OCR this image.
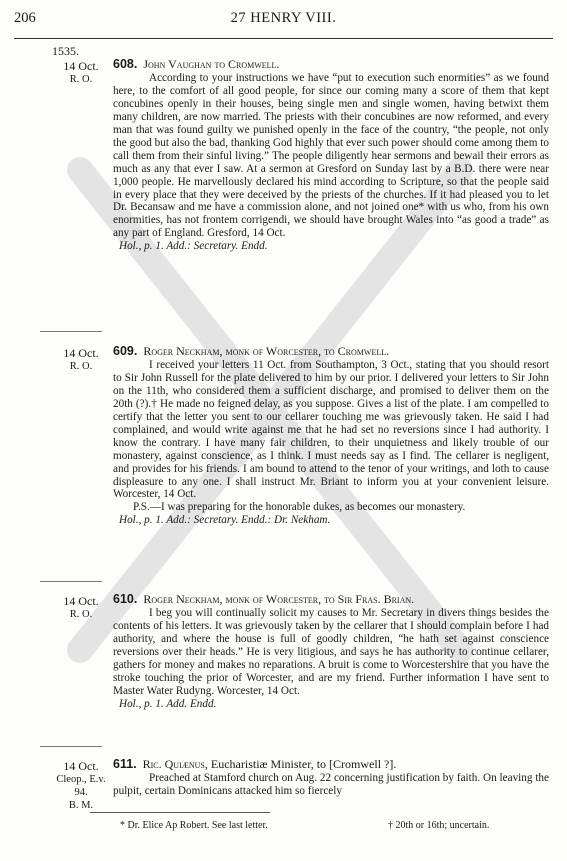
206	27 HENRY VIII.
1535.
14 Oct.
R. O.

608. John Vaughan to Cromwell.

According to your instructions we have “put to execution such enormities” as we found here, to the comfort of all good people, for since our coming many a score of them that kept concubines openly in their houses, being single men and single women, having betwixt them many children, are now married. The priests with their concubines are now reformed, and every man that was found guilty we punished openly in the face of the country, “the people, not only the good but also the bad, thanking God highly that ever such power should come among them to call them from their sinful living.” The people diligently hear sermons and bewail their errors as much as any that ever I saw. At a sermon at Gresford on Sunday last by a B.D. there were near 1,000 people. He marvellously declared his mind according to Scripture, so that the people said in every place that they were deceived by the priests of the churches. If it had pleased you to let Dr. Becansaw and me have a commission alone, and not joined one* with us who, from his own enormities, has not frontem corrigendi, we should have brought Wales into “as good a trade” as any part of England. Gresford, 14 Oct.

Hol., p. 1. Add.: Secretary. Endd.

14 Oct.
R. O.

609. Roger Neckham, monk of Worcester, to Cromwell.

I received your letters 11 Oct. from Southampton, 3 Oct., stating that you should resort to Sir John Russell for the plate delivered to him by our prior. I delivered your letters to Sir John on the 11th, who considered them a sufficient discharge, and promised to deliver them on the 20th (?).† He made no feigned delay, as you suppose. Gives a list of the plate. I am compelled to certify that the letter you sent to our cellarer touching me was grievously taken. He said I had complained, and would write against me that he had set no reversions since I had authority. I know the contrary. I have many fair children, to their unquietness and likely trouble of our monastery, against conscience, as I think. I must needs say as I find. The cellarer is negligent, and provides for his friends. I am bound to attend to the tenor of your writings, and loth to cause displeasure to any one. I shall instruct Mr. Briant to inform you at your convenient leisure. Worcester, 14 Oct.

P.S.—I was preparing for the honorable dukes, as becomes our monastery.

Hol., p. 1. Add.: Secretary. Endd.: Dr. Nekham.

14 Oct.
R. O.

610. Roger Neckham, monk of Worcester, to Sir Fras. Brian.

I beg you will continually solicit my causes to Mr. Secretary in divers things besides the contents of his letters. It was grievously taken by the cellarer that I should complain before I had authority, and where the house is full of goodly children, “he hath set against conscience reversions over their heads.” He is very litigious, and says he has authority to continue cellarer, gathers for money and makes no reparations. A bruit is come to Worcestershire that you have the stroke touching the prior of Worcester, and are my friend. Further information I have sent to Master Water Rudyng. Worcester, 14 Oct.

Hol., p. 1. Add. Endd.

14 Oct.
Cleop., E.v. 94.
B. M.

611. Ric. Quiænus, Eucharistiæ Minister, to [Cromwell ?].

Preached at Stamford church on Aug. 22 concerning justification by faith. On leaving the pulpit, certain Dominicans attacked him so fiercely

* Dr. Elice Ap Robert. See last letter.	† 20th or 16th; uncertain.
